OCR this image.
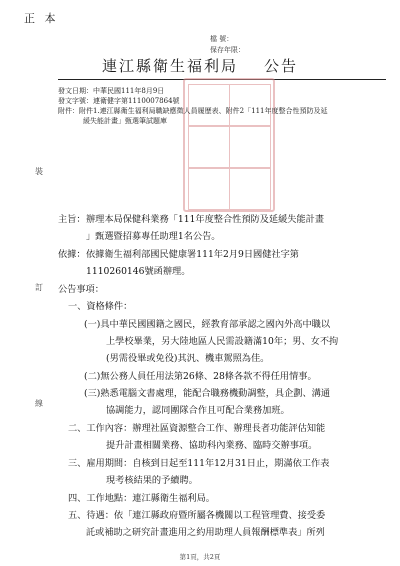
正 本
檔 號：
保存年限：
連江縣衛生福利局 公告
發文日期：中華民國111年8月9日
發文字號：連衛健字第1110007864號
附件：附件1.連江縣衛生福利局職缺應徵人員履歷表、附件2「111年度整合性預防及延
緩失能計畫」甄選筆試題庫
裝
訂
線
主旨： 辦理本局保健科業務「111年度整合性預防及延緩失能計畫
」甄選暨招募專任助理1名公告。
依據： 依據衛生福利部國民健康署111年2月9日國健社字第
1110260146號函辦理。
公告事項：
一、資格條件：
(一)具中華民國國籍之國民，經教育部承認之國內外高中職以
上學校畢業，另大陸地區人民需設籍滿10年；男、女不拘
(男需役畢或免役)其汎、機車駕照為佳。
(二)無公務人員任用法第26條、28條各款不得任用情事。
(三)熟悉電腦文書處理，能配合職務機動調整，具企劃、溝通
協調能力，認同團隊合作且可配合業務加班。
二、工作內容：辦理社區資源整合工作、辦理長者功能評估知能
提升計畫相關業務、協助科內業務、臨時交辦事項。
三、雇用期間：自核到日起至111年12月31日止，期滿依工作表
現考核結果的予續聘。
四、工作地點：連江縣衛生福利局。
五、待遇：依「連江縣政府暨所屬各機關以工程管理費、接受委
託或補助之研究計畫進用之約用助理人員報酬標準表」所列
第1頁，共2頁
